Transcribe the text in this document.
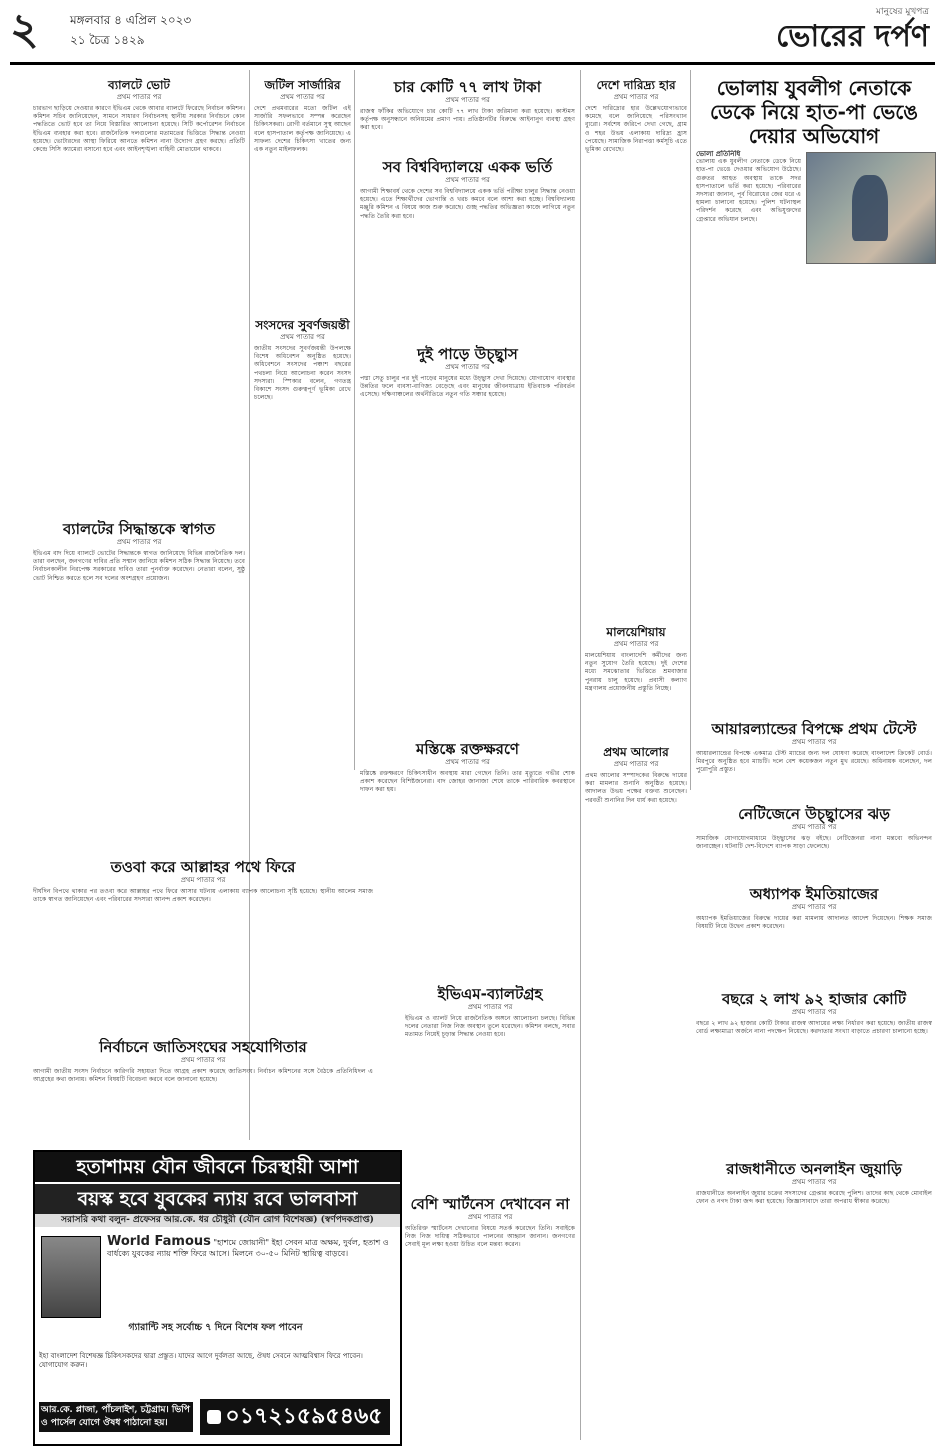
২	মঙ্গলবার ৪ এপ্রিল ২০২৩
২১ চৈত্র ১৪২৯
মানুষের মুখপত্র
ভোরের দর্পণ
ব্যালটে ভোট
প্রথম পাতার পর
চারভাগ ছাড়িয়ে দেওয়ার কারণে ইভিএম থেকে আবার ব্যালটে ফিরেছে নির্বাচন কমিশন। কমিশন সচিব জানিয়েছেন, সামনে সাধারণ নির্বাচনসহ স্থানীয় সরকার নির্বাচনে কোন পদ্ধতিতে ভোট হবে তা নিয়ে বিস্তারিত আলোচনা হয়েছে। সিটি কর্পোরেশন নির্বাচনে ইভিএম ব্যবহার করা হবে। রাজনৈতিক দলগুলোর মতামতের ভিত্তিতে সিদ্ধান্ত নেওয়া হয়েছে। ভোটারদের আস্থা ফিরিয়ে আনতে কমিশন নানা উদ্যোগ গ্রহণ করছে। প্রতিটি কেন্দ্রে সিসি ক্যামেরা বসানো হবে এবং আইনশৃঙ্খলা বাহিনী মোতায়েন থাকবে।
ব্যালটের সিদ্ধান্তকে স্বাগত
প্রথম পাতার পর
ইভিএম বাদ দিয়ে ব্যালটে ভোটের সিদ্ধান্তকে স্বাগত জানিয়েছে বিভিন্ন রাজনৈতিক দল। তারা বলছেন, জনগণের দাবির প্রতি সম্মান জানিয়ে কমিশন সঠিক সিদ্ধান্ত নিয়েছে। তবে নির্বাচনকালীন নিরপেক্ষ সরকারের দাবিও তারা পুনর্ব্যক্ত করেছেন। নেতারা বলেন, সুষ্ঠু ভোট নিশ্চিত করতে হলে সব দলের অংশগ্রহণ প্রয়োজন।
তওবা করে আল্লাহর পথে ফিরে
প্রথম পাতার পর
দীর্ঘদিন বিপথে থাকার পর তওবা করে আল্লাহর পথে ফিরে আসার ঘটনায় এলাকায় ব্যাপক আলোচনা সৃষ্টি হয়েছে। স্থানীয় আলেম সমাজ তাকে স্বাগত জানিয়েছেন এবং পরিবারের সদস্যরা আনন্দ প্রকাশ করেছেন।
নির্বাচনে জাতিসংঘের সহযোগিতার
প্রথম পাতার পর
আগামী জাতীয় সংসদ নির্বাচনে কারিগরি সহায়তা দিতে আগ্রহ প্রকাশ করেছে জাতিসংঘ। নির্বাচন কমিশনের সঙ্গে বৈঠকে প্রতিনিধিদল এ আগ্রহের কথা জানায়। কমিশন বিষয়টি বিবেচনা করবে বলে জানানো হয়েছে।
জটিল সার্জারির
প্রথম পাতার পর
দেশে প্রথমবারের মতো জটিল এই সার্জারি সফলভাবে সম্পন্ন করেছেন চিকিৎসকরা। রোগী বর্তমানে সুস্থ আছেন বলে হাসপাতাল কর্তৃপক্ষ জানিয়েছে। এ সাফল্য দেশের চিকিৎসা খাতের জন্য এক নতুন মাইলফলক।
সংসদের সুবর্ণজয়ন্তী
প্রথম পাতার পর
জাতীয় সংসদের সুবর্ণজয়ন্তী উপলক্ষে বিশেষ অধিবেশন অনুষ্ঠিত হয়েছে। অধিবেশনে সংসদের পঞ্চাশ বছরের পথচলা নিয়ে আলোচনা করেন সংসদ সদস্যরা। স্পিকার বলেন, গণতন্ত্র বিকাশে সংসদ গুরুত্বপূর্ণ ভূমিকা রেখে চলেছে।
চার কোটি ৭৭ লাখ টাকা
প্রথম পাতার পর
রাজস্ব ফাঁকির অভিযোগে চার কোটি ৭৭ লাখ টাকা জরিমানা করা হয়েছে। কাস্টমস কর্তৃপক্ষ অনুসন্ধানে অনিয়মের প্রমাণ পায়। প্রতিষ্ঠানটির বিরুদ্ধে আইনানুগ ব্যবস্থা গ্রহণ করা হবে।
সব বিশ্ববিদ্যালয়ে একক ভর্তি
প্রথম পাতার পর
আগামী শিক্ষাবর্ষ থেকে দেশের সব বিশ্ববিদ্যালয়ে একক ভর্তি পরীক্ষা চালুর সিদ্ধান্ত নেওয়া হয়েছে। এতে শিক্ষার্থীদের ভোগান্তি ও খরচ কমবে বলে আশা করা হচ্ছে। বিশ্ববিদ্যালয় মঞ্জুরি কমিশন এ বিষয়ে কাজ শুরু করেছে। গুচ্ছ পদ্ধতির অভিজ্ঞতা কাজে লাগিয়ে নতুন পদ্ধতি তৈরি করা হবে।
দুই পাড়ে উচ্ছ্বাস
প্রথম পাতার পর
পদ্মা সেতু চালুর পর দুই পাড়ের মানুষের মধ্যে উচ্ছ্বাস দেখা দিয়েছে। যোগাযোগ ব্যবস্থার উন্নতির ফলে ব্যবসা-বাণিজ্য বেড়েছে এবং মানুষের জীবনযাত্রায় ইতিবাচক পরিবর্তন এসেছে। দক্ষিণাঞ্চলের অর্থনীতিতে নতুন গতি সঞ্চার হয়েছে।
মস্তিষ্কে রক্তক্ষরণে
প্রথম পাতার পর
মস্তিষ্কে রক্তক্ষরণে চিকিৎসাধীন অবস্থায় মারা গেছেন তিনি। তার মৃত্যুতে গভীর শোক প্রকাশ করেছেন বিশিষ্টজনেরা। বাদ জোহর জানাজা শেষে তাকে পারিবারিক কবরস্থানে দাফন করা হয়।
ইভিএম-ব্যালটগ্রহ
প্রথম পাতার পর
ইভিএম ও ব্যালট নিয়ে রাজনৈতিক অঙ্গনে আলোচনা চলছে। বিভিন্ন দলের নেতারা নিজ নিজ অবস্থান তুলে ধরেছেন। কমিশন বলছে, সবার মতামত নিয়েই চূড়ান্ত সিদ্ধান্ত নেওয়া হবে।
বেশি স্মার্টনেস দেখাবেন না
প্রথম পাতার পর
অতিরিক্ত স্মার্টনেস দেখানোর বিষয়ে সতর্ক করেছেন তিনি। সবাইকে নিজ নিজ দায়িত্ব সঠিকভাবে পালনের আহ্বান জানান। জনগণের সেবাই মূল লক্ষ্য হওয়া উচিত বলে মন্তব্য করেন।
দেশে দারিদ্র্য হার
প্রথম পাতার পর
দেশে দারিদ্র্যের হার উল্লেখযোগ্যভাবে কমেছে বলে জানিয়েছে পরিসংখ্যান ব্যুরো। সর্বশেষ জরিপে দেখা গেছে, গ্রাম ও শহর উভয় এলাকায় দারিদ্র্য হ্রাস পেয়েছে। সামাজিক নিরাপত্তা কর্মসূচি এতে ভূমিকা রেখেছে।
মালয়েশিয়ায়
প্রথম পাতার পর
মালয়েশিয়ায় বাংলাদেশি কর্মীদের জন্য নতুন সুযোগ তৈরি হয়েছে। দুই দেশের মধ্যে সমঝোতার ভিত্তিতে শ্রমবাজার পুনরায় চালু হয়েছে। প্রবাসী কল্যাণ মন্ত্রণালয় প্রয়োজনীয় প্রস্তুতি নিচ্ছে।
প্রথম আলোর
প্রথম পাতার পর
প্রথম আলোর সম্পাদকের বিরুদ্ধে দায়ের করা মামলার শুনানি অনুষ্ঠিত হয়েছে। আদালত উভয় পক্ষের বক্তব্য শুনেছেন। পরবর্তী শুনানির দিন ধার্য করা হয়েছে।
ভোলায় যুবলীগ নেতাকে ডেকে নিয়ে হাত-পা ভেঙে দেয়ার অভিযোগ
ভোলা প্রতিনিধি
ভোলায় এক যুবলীগ নেতাকে ডেকে নিয়ে হাত-পা ভেঙে দেওয়ার অভিযোগ উঠেছে। গুরুতর আহত অবস্থায় তাকে সদর হাসপাতালে ভর্তি করা হয়েছে। পরিবারের সদস্যরা জানান, পূর্ব বিরোধের জের ধরে এ হামলা চালানো হয়েছে। পুলিশ ঘটনাস্থল পরিদর্শন করেছে এবং অভিযুক্তদের গ্রেপ্তারে অভিযান চলছে।
আয়ারল্যান্ডের বিপক্ষে প্রথম টেস্টে
প্রথম পাতার পর
আয়ারল্যান্ডের বিপক্ষে একমাত্র টেস্ট ম্যাচের জন্য দল ঘোষণা করেছে বাংলাদেশ ক্রিকেট বোর্ড। মিরপুরে অনুষ্ঠিত হবে ম্যাচটি। দলে বেশ কয়েকজন নতুন মুখ রয়েছে। অধিনায়ক বলেছেন, দল পুরোপুরি প্রস্তুত।
নেটিজেনে উচ্ছ্বাসের ঝড়
প্রথম পাতার পর
সামাজিক যোগাযোগমাধ্যমে উচ্ছ্বাসের ঝড় বইছে। নেটিজেনরা নানা মন্তব্যে অভিনন্দন জানাচ্ছেন। ঘটনাটি দেশ-বিদেশে ব্যাপক সাড়া ফেলেছে।
অধ্যাপক ইমতিয়াজের
প্রথম পাতার পর
অধ্যাপক ইমতিয়াজের বিরুদ্ধে দায়ের করা মামলায় আদালত আদেশ দিয়েছেন। শিক্ষক সমাজ বিষয়টি নিয়ে উদ্বেগ প্রকাশ করেছেন।
বছরে ২ লাখ ৯২ হাজার কোটি
প্রথম পাতার পর
বছরে ২ লাখ ৯২ হাজার কোটি টাকার রাজস্ব আদায়ের লক্ষ্য নির্ধারণ করা হয়েছে। জাতীয় রাজস্ব বোর্ড লক্ষ্যমাত্রা অর্জনে নানা পদক্ষেপ নিয়েছে। করদাতার সংখ্যা বাড়াতে প্রচারণা চালানো হচ্ছে।
রাজধানীতে অনলাইন জুয়াড়ি
প্রথম পাতার পর
রাজধানীতে অনলাইন জুয়ার চক্রের সদস্যদের গ্রেপ্তার করেছে পুলিশ। তাদের কাছ থেকে মোবাইল ফোন ও নগদ টাকা জব্দ করা হয়েছে। জিজ্ঞাসাবাদে তারা অপরাধ স্বীকার করেছে।
হতাশাময় যৌন জীবনে চিরস্থায়ী আশা
বয়স্ক হবে যুবকের ন্যায় রবে ভালবাসা
সরাসরি কথা বলুন- প্রফেসর আর.কে. ধর চৌধুরী (যৌন রোগ বিশেষজ্ঞ) (স্বর্ণপদকপ্রাপ্ত)
World Famous "হাশমে জোয়ানী" ইহা সেবন মাত্র অক্ষম, দুর্বল, হতাশ ও বার্ধক্যে যুবকের ন্যায় শক্তি ফিরে আসে। মিলনে ৩০-৫০ মিনিট স্থায়িত্ব বাড়বে।
গ্যারান্টি সহ সর্বোচ্চ ৭ দিনে বিশেষ ফল পাবেন
ইহা বাংলাদেশ বিশেষজ্ঞ চিকিৎসকদের দ্বারা প্রস্তুত। যাদের আগে দুর্বলতা আছে, ঔষধ সেবনে আত্মবিশ্বাস ফিরে পাবেন। যোগাযোগ করুন।
আর.কে. প্লাজা, পাঁচলাইশ, চট্টগ্রাম। ভিপি ও পার্সেল যোগে ঔষধ পাঠানো হয়।	০১৭২১৫৯৫৪৬৫
